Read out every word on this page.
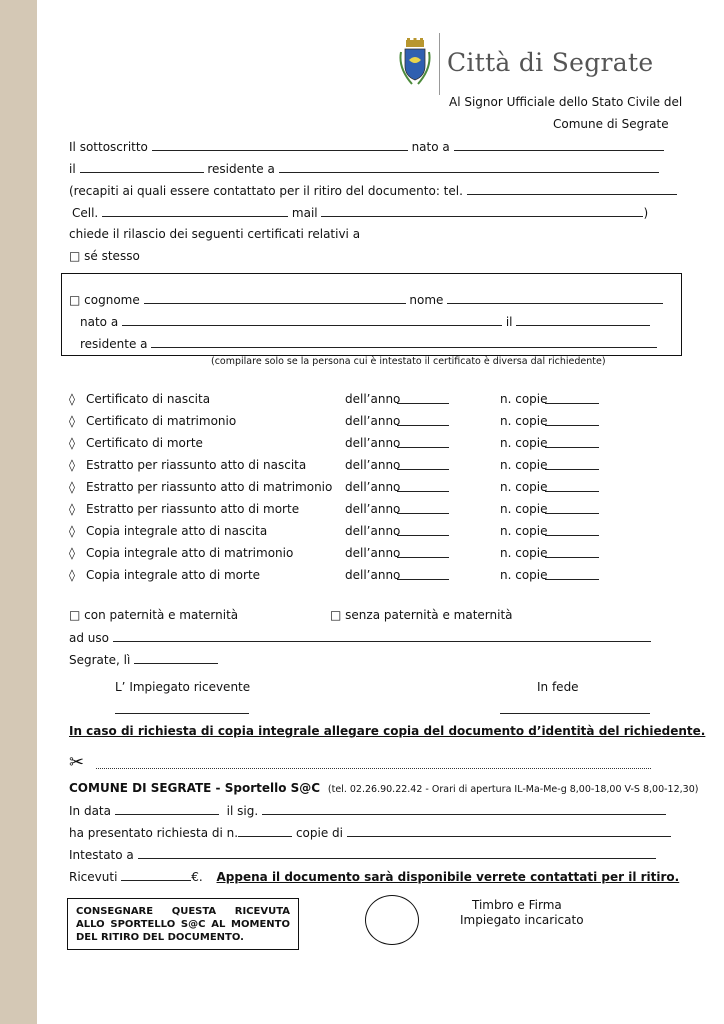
Città di Segrate
Al Signor Ufficiale dello Stato Civile del
Comune di Segrate
Il sottoscritto	nato a
il	residente a
(recapiti ai quali essere contattato per il ritiro del documento: tel.
Cell.	mail	)
chiede il rilascio dei seguenti certificati relativi a
□ sé stesso
□ cognome	nome
nato a	il
residente a
(compilare solo se la persona cui è intestato il certificato è diversa dal richiedente)
◊ Certificato di nascita	dell’anno	n. copie
◊ Certificato di matrimonio	dell’anno	n. copie
◊ Certificato di morte	dell’anno	n. copie
◊ Estratto per riassunto atto di nascita	dell’anno	n. copie
◊ Estratto per riassunto atto di matrimonio dell’anno	n. copie
◊ Estratto per riassunto atto di morte	dell’anno	n. copie
◊ Copia integrale atto di nascita	dell’anno	n. copie
◊ Copia integrale atto di matrimonio	dell’anno	n. copie
◊ Copia integrale atto di morte	dell’anno	n. copie
□ con paternità e maternità	□ senza paternità e maternità
ad uso
Segrate, lì
L’ Impiegato ricevente	In fede
In caso di richiesta di copia integrale allegare copia del documento d’identità del richiedente.
✂
COMUNE DI SEGRATE - Sportello S@C (tel. 02.26.90.22.42 - Orari di apertura IL-Ma-Me-g 8,00-18,00 V-S 8,00-12,30)
In data	il sig.
ha presentato richiesta di n.	copie di
Intestato a
Ricevuti	€. Appena il documento sarà disponibile verrete contattati per il ritiro.
CONSEGNARE QUESTA RICEVUTA ALLO SPORTELLO S@C AL MOMENTO DEL RITIRO DEL DOCUMENTO.
Timbro e Firma
Impiegato incaricato
